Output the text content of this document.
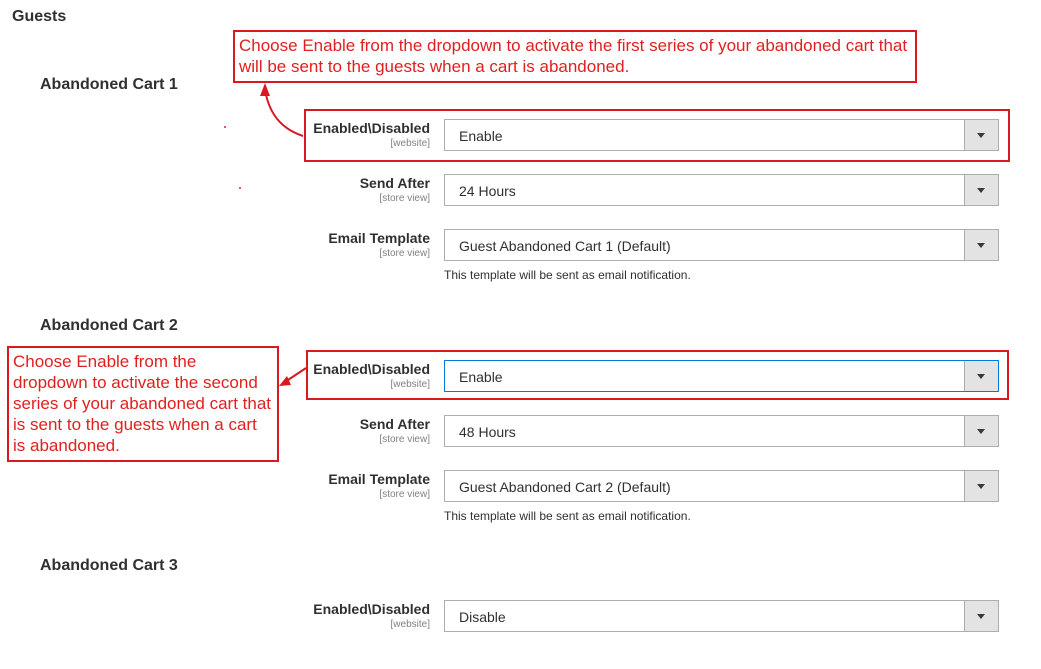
Guests
Abandoned Cart 1
Enabled\Disabled
[website] Enable
Send After
[store view] 24 Hours
Email Template
[store view] Guest Abandoned Cart 1 (Default)
This template will be sent as email notification.
Abandoned Cart 2
Enabled\Disabled
[website] Enable
Send After
[store view] 48 Hours
Email Template
[store view] Guest Abandoned Cart 2 (Default)
This template will be sent as email notification.
Abandoned Cart 3
Enabled\Disabled
[website] Disable
Choose Enable from the dropdown to activate the first series of your abandoned cart that will be sent to the guests when a cart is abandoned.
Choose Enable from the dropdown to activate the second series of your abandoned cart that is sent to the guests when a cart is abandoned.
